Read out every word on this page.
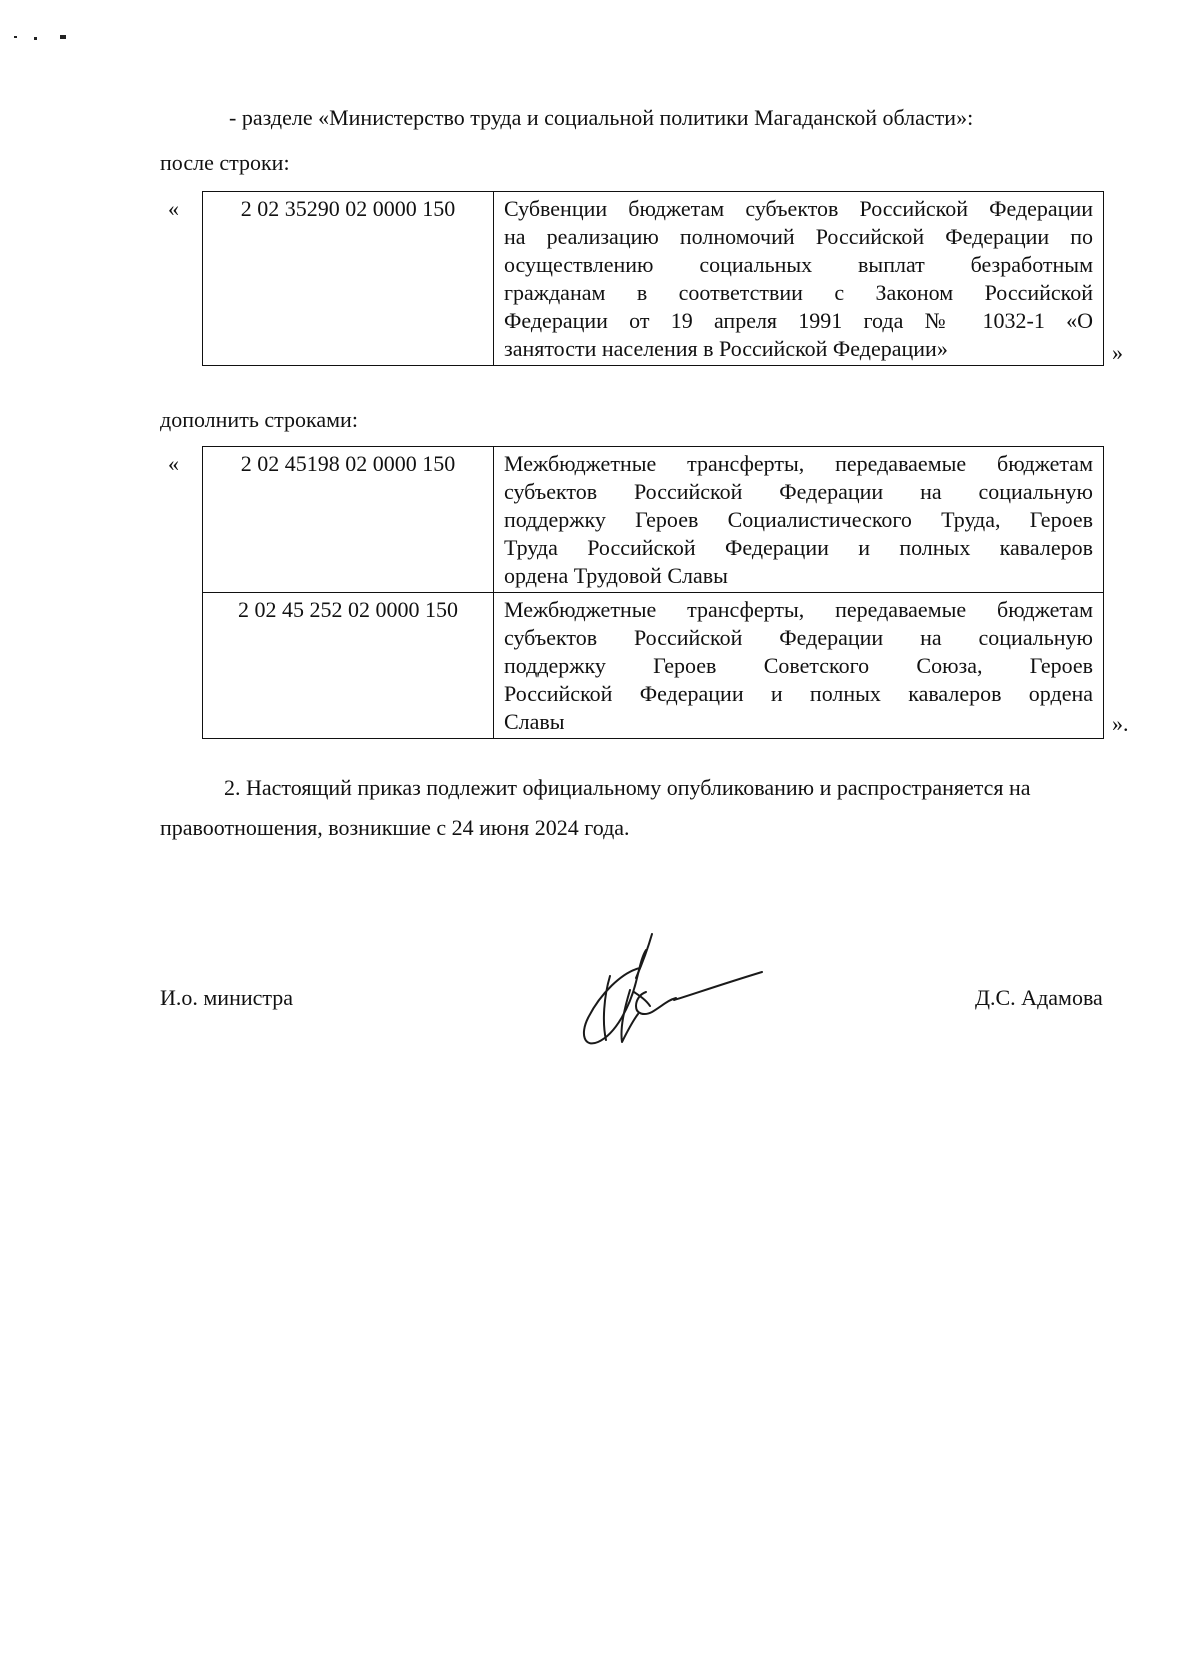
- разделе «Министерство труда и социальной политики Магаданской области»:
после строки:
«	2 02 35290 02 0000 150	Субвенции бюджетам субъектов Российской Федерации
на реализацию полномочий Российской Федерации по
осуществлению социальных выплат безработным
гражданам в соответствии с Законом Российской
Федерации от 19 апреля 1991 года № 1032-1 «О
занятости населения в Российской Федерации»	»
дополнить строками:
«	2 02 45198 02 0000 150	Межбюджетные трансферты, передаваемые бюджетам
субъектов Российской Федерации на социальную
поддержку Героев Социалистического Труда, Героев
Труда Российской Федерации и полных кавалеров
ордена Трудовой Славы

2 02 45 252 02 0000 150	Межбюджетные трансферты, передаваемые бюджетам
субъектов Российской Федерации на социальную
поддержку Героев Советского Союза, Героев
Российской Федерации и полных кавалеров ордена
Славы	».
2. Настоящий приказ подлежит официальному опубликованию и распространяется на
правоотношения, возникшие с 24 июня 2024 года.
И.о. министра	Д.С. Адамова
